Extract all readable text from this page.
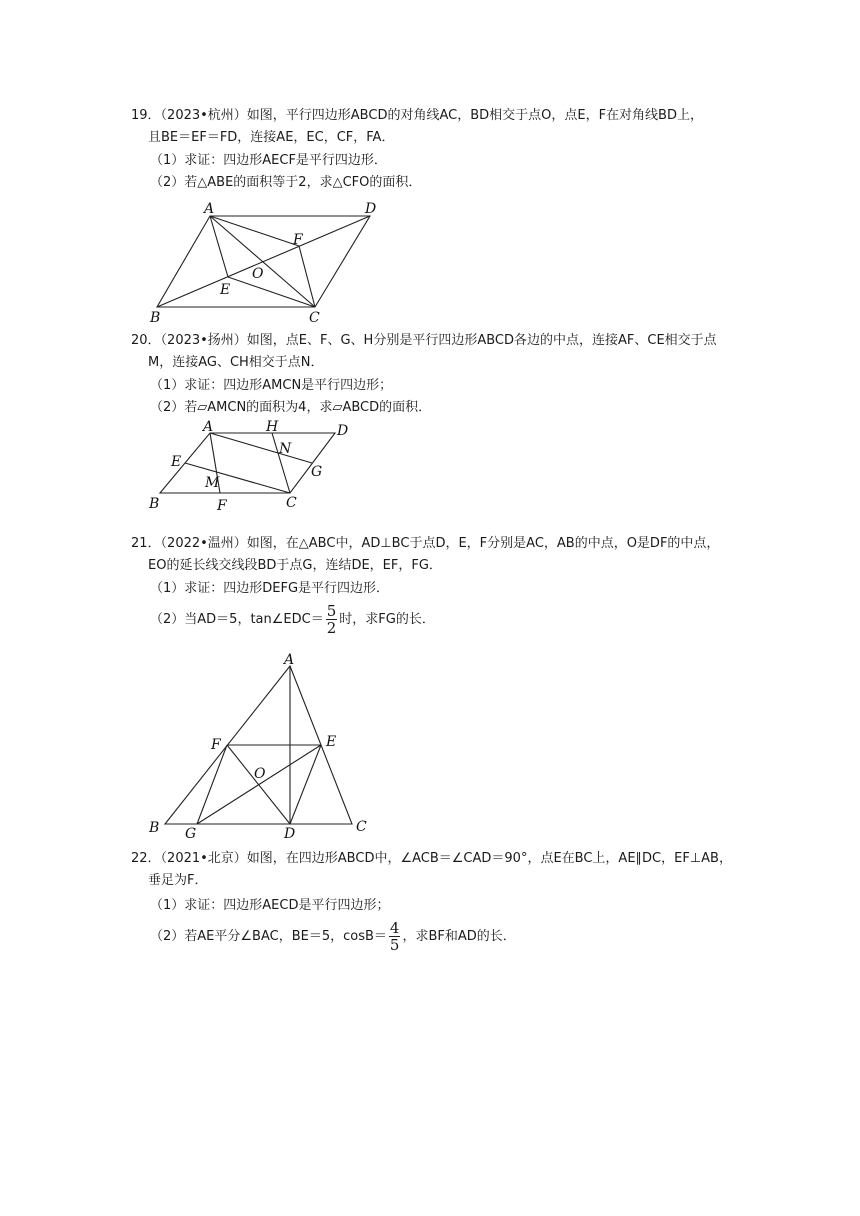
19．（2023•杭州）如图，平行四边形ABCD的对角线AC，BD相交于点O，点E，F在对角线BD上，
且BE＝EF＝FD，连接AE，EC，CF，FA．
（1）求证：四边形AECF是平行四边形．
（2）若△ABE的面积等于2，求△CFO的面积．
A	D
B	C
F
O
E
20．（2023•扬州）如图，点E、F、G、H分别是平行四边形ABCD各边的中点，连接AF、CE相交于点
M，连接AG、CH相交于点N．
（1）求证：四边形AMCN是平行四边形；
（2）若▱AMCN的面积为4，求▱ABCD的面积．
A	H	D
N
E
G
M
B	F	C
21．（2022•温州）如图，在△ABC中，AD⊥BC于点D，E，F分别是AC，AB的中点，O是DF的中点，
EO的延长线交线段BD于点G，连结DE，EF，FG．
（1）求证：四边形DEFG是平行四边形．
（2）当AD＝5，tan∠EDC＝ $\frac{5}{2}$ 时，求FG的长．
A
F	E
O
B G	D	C
22．（2021•北京）如图，在四边形ABCD中，∠ACB＝∠CAD＝90°，点E在BC上，AE∥DC，EF⊥AB，
垂足为F．
（1）求证：四边形AECD是平行四边形；
（2）若AE平分∠BAC，BE＝5，$\cos B= \frac{4}{5}$ ，求BF和AD的长．
